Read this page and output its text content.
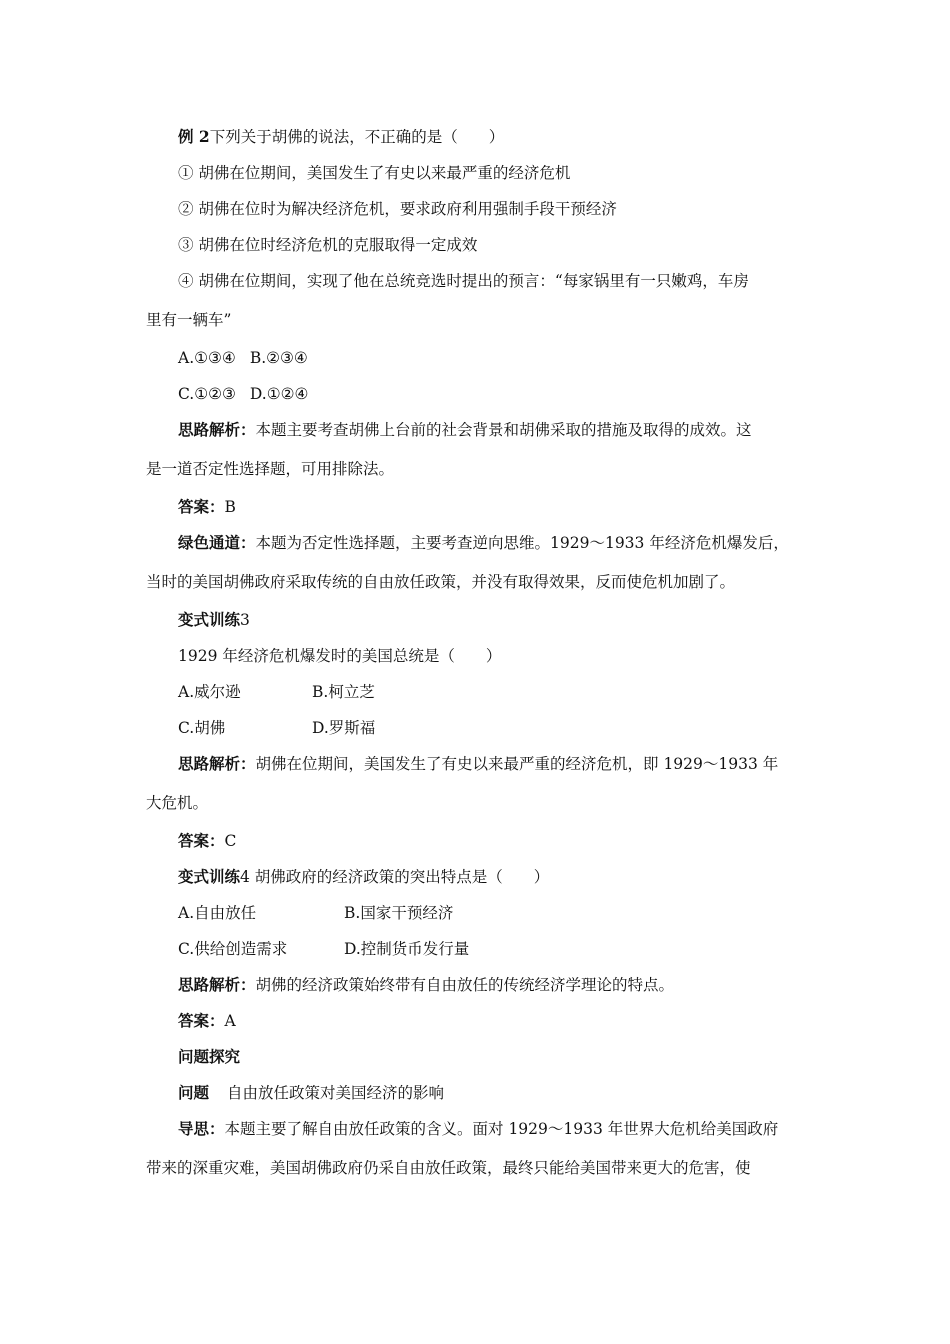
例 2下列关于胡佛的说法，不正确的是（　　）
① 胡佛在位期间，美国发生了有史以来最严重的经济危机
② 胡佛在位时为解决经济危机，要求政府利用强制手段干预经济
③ 胡佛在位时经济危机的克服取得一定成效
④ 胡佛在位期间，实现了他在总统竞选时提出的预言：“每家锅里有一只嫩鸡，车房
里有一辆车”
A.①③④ B.②③④
C.①②③ D.①②④
思路解析：本题主要考查胡佛上台前的社会背景和胡佛采取的措施及取得的成效。这
是一道否定性选择题，可用排除法。
答案：B
绿色通道：本题为否定性选择题，主要考查逆向思维。1929～1933 年经济危机爆发后，
当时的美国胡佛政府采取传统的自由放任政策，并没有取得效果，反而使危机加剧了。
变式训练3
1929 年经济危机爆发时的美国总统是（　　）
A.威尔逊	B.柯立芝
C.胡佛	D.罗斯福
思路解析：胡佛在位期间，美国发生了有史以来最严重的经济危机，即 1929～1933 年
大危机。
答案：C
变式训练4 胡佛政府的经济政策的突出特点是（　　）
A.自由放任	B.国家干预经济
C.供给创造需求	D.控制货币发行量
思路解析：胡佛的经济政策始终带有自由放任的传统经济学理论的特点。
答案：A
问题探究
问题 自由放任政策对美国经济的影响
导思：本题主要了解自由放任政策的含义。面对 1929～1933 年世界大危机给美国政府
带来的深重灾难，美国胡佛政府仍采自由放任政策，最终只能给美国带来更大的危害，使
